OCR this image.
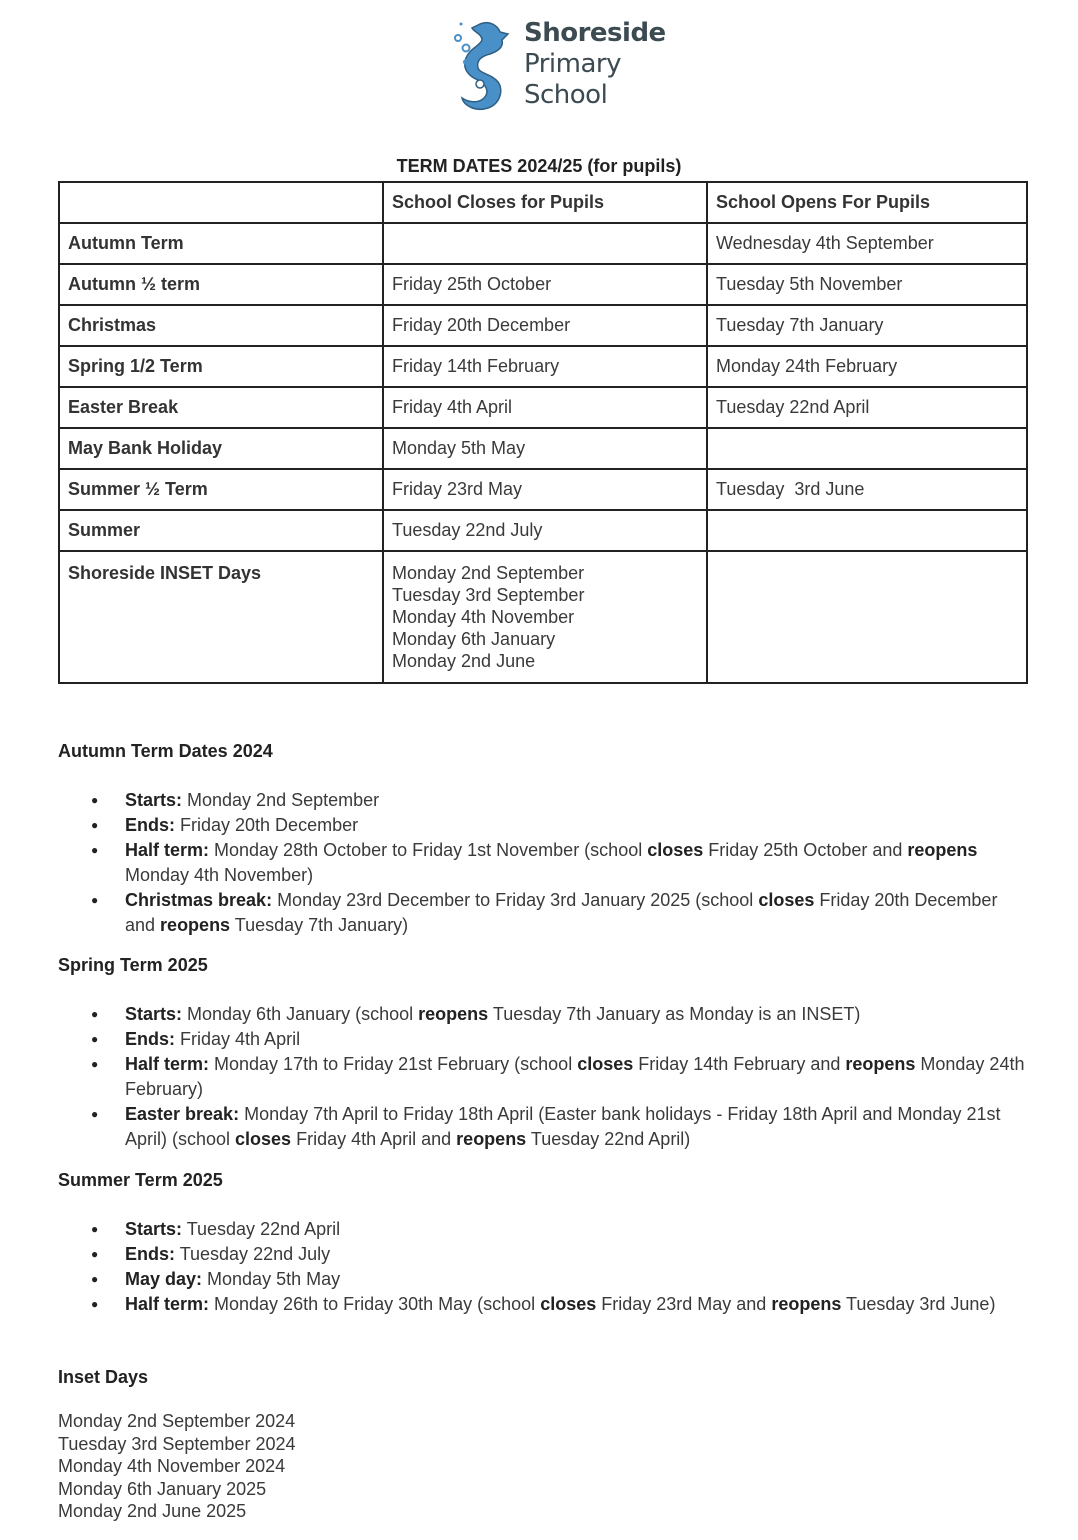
Shoreside
Primary
School
TERM DATES 2024/25 (for pupils)
	School Closes for Pupils	School Opens For Pupils
Autumn Term		Wednesday 4th September
Autumn ½ term	Friday 25th October	Tuesday 5th November
Christmas	Friday 20th December	Tuesday 7th January
Spring 1/2 Term	Friday 14th February	Monday 24th February
Easter Break	Friday 4th April	Tuesday 22nd April
May Bank Holiday	Monday 5th May	
Summer ½ Term	Friday 23rd May	Tuesday  3rd June
Summer	Tuesday 22nd July	
Shoreside INSET Days	Monday 2nd September
Tuesday 3rd September
Monday 4th November
Monday 6th January
Monday 2nd June	

Autumn Term Dates 2024
● Starts: Monday 2nd September
● Ends: Friday 20th December
● Half term: Monday 28th October to Friday 1st November (school closes Friday 25th October and reopens Monday 4th November)
● Christmas break: Monday 23rd December to Friday 3rd January 2025 (school closes Friday 20th December and reopens Tuesday 7th January)
Spring Term 2025
● Starts: Monday 6th January (school reopens Tuesday 7th January as Monday is an INSET)
● Ends: Friday 4th April
● Half term: Monday 17th to Friday 21st February (school closes Friday 14th February and reopens Monday 24th February)
● Easter break: Monday 7th April to Friday 18th April (Easter bank holidays - Friday 18th April and Monday 21st April) (school closes Friday 4th April and reopens Tuesday 22nd April)
Summer Term 2025
● Starts: Tuesday 22nd April
● Ends: Tuesday 22nd July
● May day: Monday 5th May
● Half term: Monday 26th to Friday 30th May (school closes Friday 23rd May and reopens Tuesday 3rd June)
Inset Days
Monday 2nd September 2024
Tuesday 3rd September 2024
Monday 4th November 2024
Monday 6th January 2025
Monday 2nd June 2025
